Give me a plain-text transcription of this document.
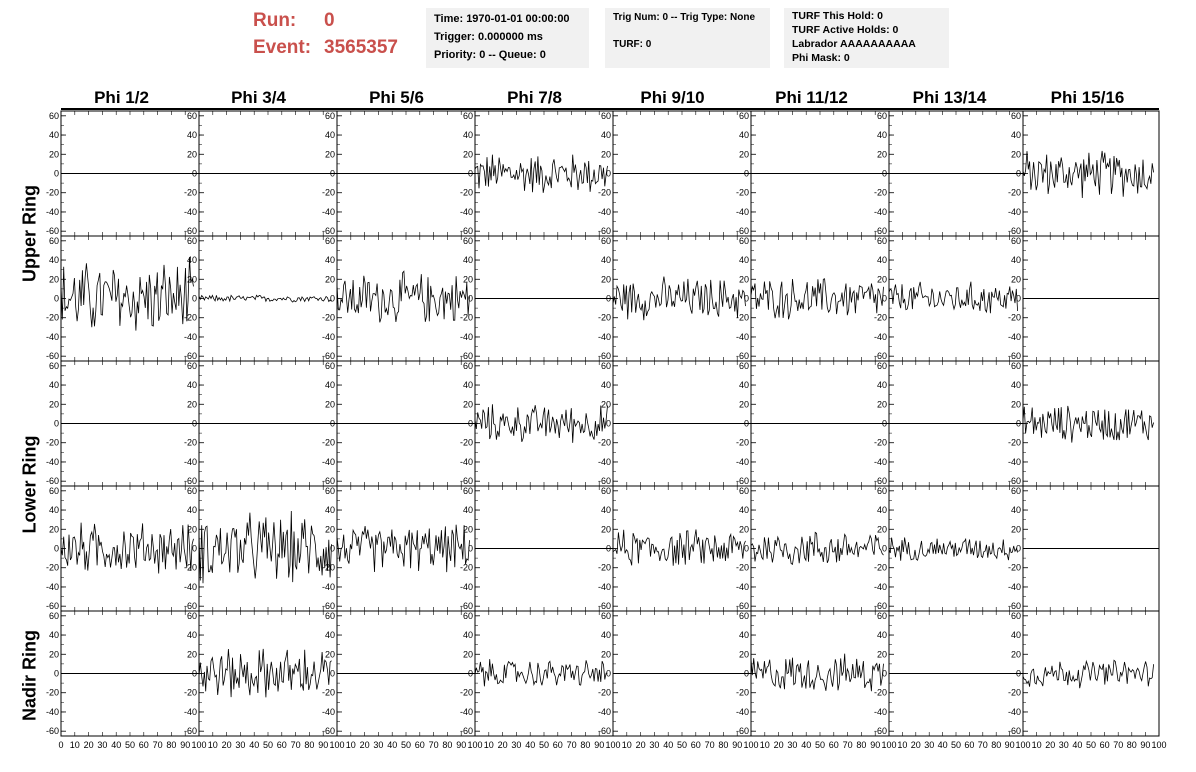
Run: 0
Event: 3565357
Time: 1970-01-01 00:00:00
Trigger: 0.000000 ms
Priority: 0 -- Queue: 0
Trig Num: 0 -- Trig Type: None
TURF: 0
TURF This Hold: 0
TURF Active Holds: 0
Labrador AAAAAAAAAA
Phi Mask: 0
Phi 1/2	Phi 3/4	Phi 5/6	Phi 7/8	Phi 9/10	Phi 11/12	Phi 13/14	Phi 15/16
Upper Ring
Lower Ring
Nadir Ring
-60
-40
-20
0
20
40
60
-60
-40
-20
0
20
40
60
-60
-40
-20
0
20
40
60
-60
-40
-20
0
20
40
60
-60
-40
-20
0
20
40
60
-60
-40
-20
0
20
40
60
-60
-40
-20
0
20
40
60
-60
-40
-20
0
20
40
60
-60
-40
-20
0
20
40
60
-60
-40
-20
0
20
40
60
-60
-40
-20
0
20
40
60
-60
-40
-20
0
20
40
60
-60
-40
-20
0
20
40
60
-60
-40
-20
0
20
40
60
-60
-40
-20
0
20
40
60
-60
-40
-20
0
20
40
60
-60
-40
-20
0
20
40
60
-60
-40
-20
0
20
40
60
-60
-40
-20
0
20
40
60
-60
-40
-20
0
20
40
60
-60
-40
-20
0
20
40
60
-60
-40
-20
0
20
40
60
-60
-40
-20
0
20
40
60
-60
-40
-20
0
20
40
60
-60
-40
-20
0
20
40
60
-60
-40
-20
0
20
40
60
-60
-40
-20
0
20
40
60
-60
-40
-20
0
20
40
60
-60
-40
-20
0
20
40
60
-60
-40
-20
0
20
40
60
-60
-40
-20
0
20
40
60
-60
-40
-20
0
20
40
60
-60
-40
-20
0
20
40
60
-60
-40
-20
0
20
40
60
-60
-40
-20
0
20
40
60
-60
-40
-20
0
20
40
60
-60
-40
-20
0
20
40
60
-60
-40
-20
0
20
40
60
-60
-40
-20
0
20
40
60
-60
-40
-20
0
20
40
60
0 10 20 30 40 50 60 70 80 90 100 10 20 30 40 50 60 70 80 90 100 10 20 30 40 50 60 70 80 90 100 10 20 30 40 50 60 70 80 90 100 10 20 30 40 50 60 70 80 90 100 10 20 30 40 50 60 70 80 90 100 10 20 30 40 50 60 70 80 90 100 10 20 30 40 50 60 70 80 90 100
